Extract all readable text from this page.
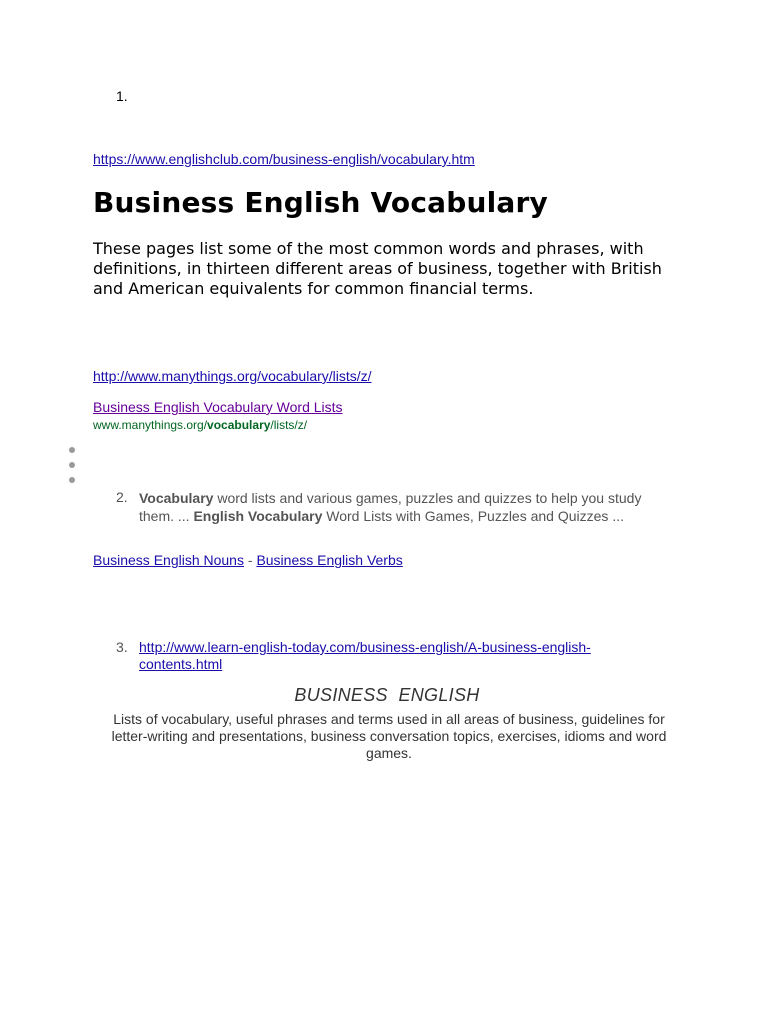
1.
https://www.englishclub.com/business-english/vocabulary.htm
Business English Vocabulary

These pages list some of the most common words and phrases, with definitions, in thirteen different areas of business, together with British and American equivalents for common financial terms.

http://www.manythings.org/vocabulary/lists/z/
Business English Vocabulary Word Lists
www.manythings.org/vocabulary/lists/z/
2. Vocabulary word lists and various games, puzzles and quizzes to help you study them. ... English Vocabulary Word Lists with Games, Puzzles and Quizzes ...
Business English Nouns - Business English Verbs
3. http://www.learn-english-today.com/business-english/A-business-english-contents.html
BUSINESS  ENGLISH
Lists of vocabulary, useful phrases and terms used in all areas of business, guidelines for letter-writing and presentations, business conversation topics, exercises, idioms and word games.
